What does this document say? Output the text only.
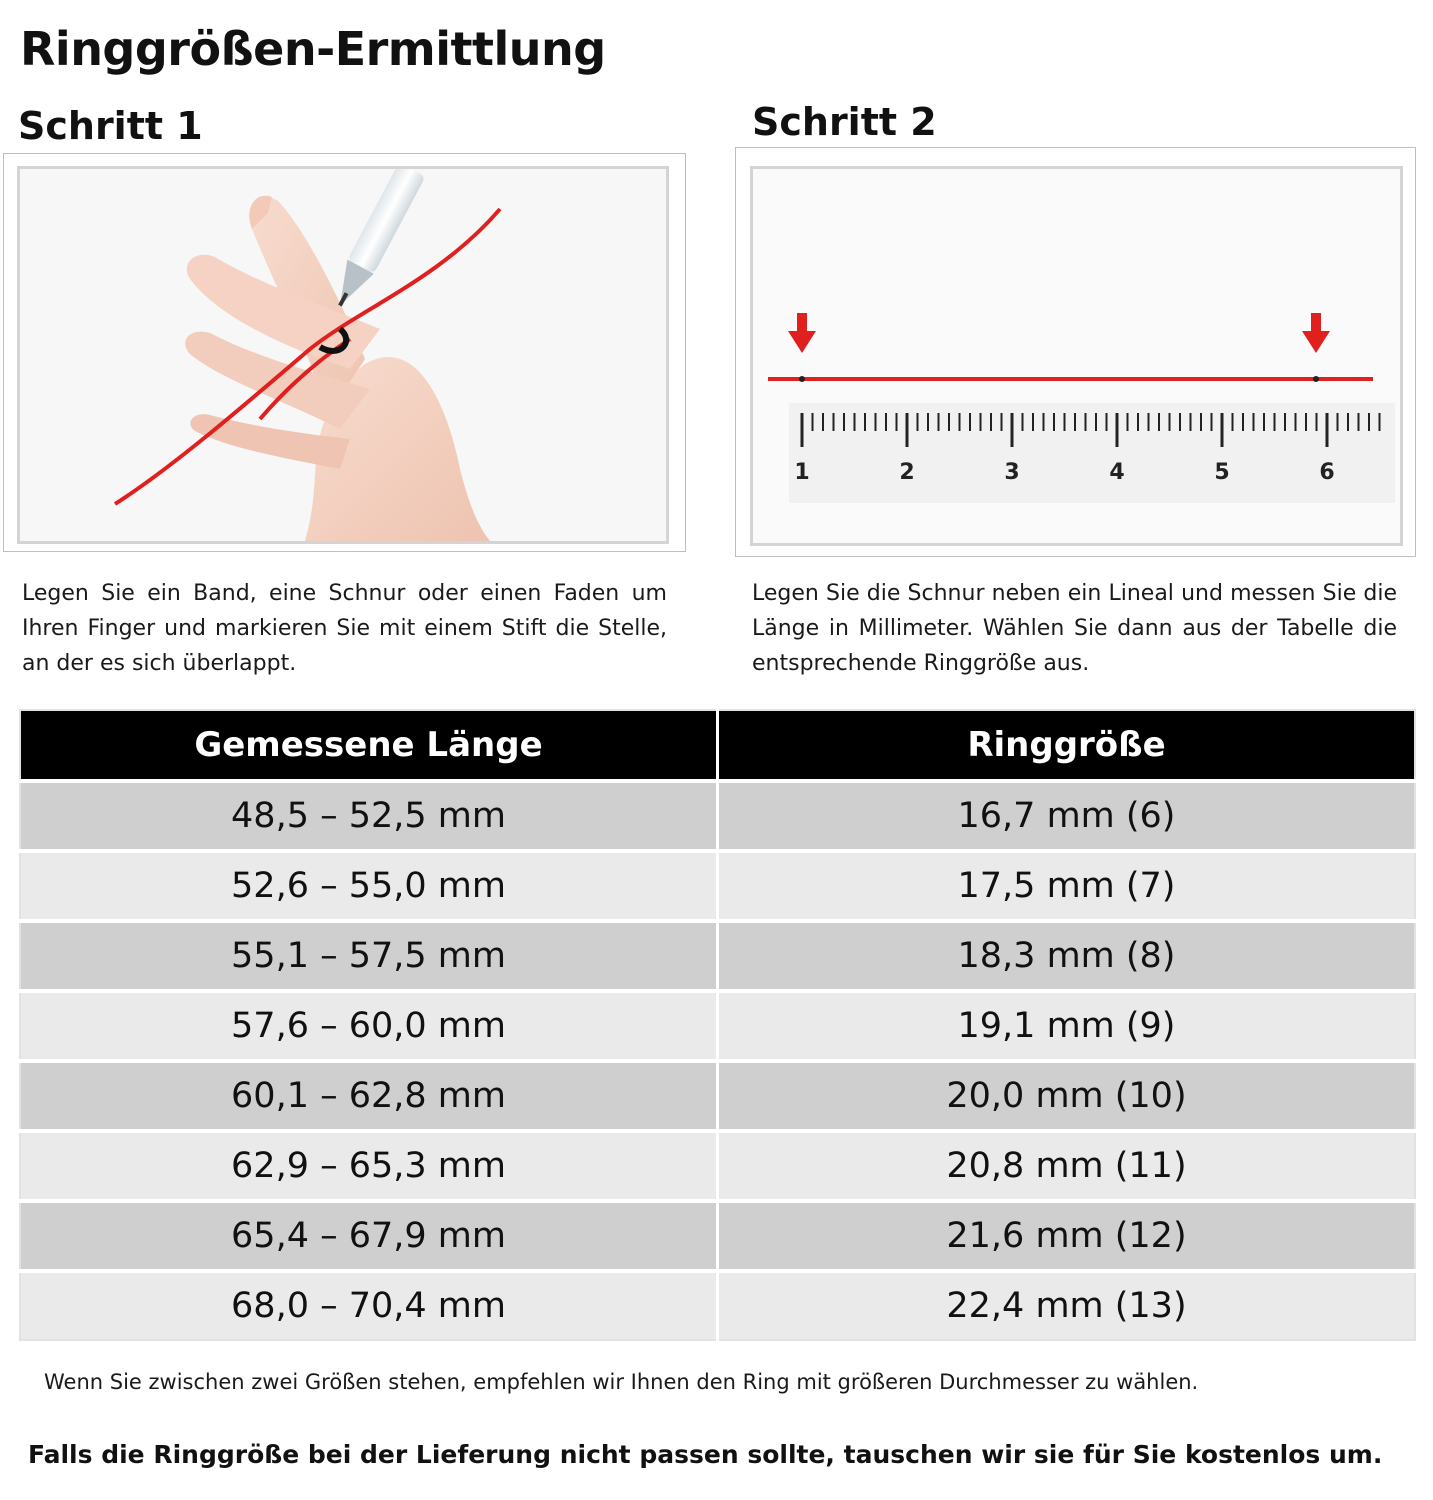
Ringgrößen-Ermittlung
Schritt 1	Schritt 2
1	2	3	4	5	6

Legen Sie ein Band, eine Schnur oder einen Faden um Ihren Finger und markieren Sie mit einem Stift die Stelle, an der es sich überlappt.

Legen Sie die Schnur neben ein Lineal und messen Sie die Länge in Millimeter. Wählen Sie dann aus der Tabelle die entsprechende Ringgröße aus.

Gemessene Länge	Ringgröße
48,5 – 52,5 mm	16,7 mm (6)
52,6 – 55,0 mm	17,5 mm (7)
55,1 – 57,5 mm	18,3 mm (8)
57,6 – 60,0 mm	19,1 mm (9)
60,1 – 62,8 mm	20,0 mm (10)
62,9 – 65,3 mm	20,8 mm (11)
65,4 – 67,9 mm	21,6 mm (12)
68,0 – 70,4 mm	22,4 mm (13)

Wenn Sie zwischen zwei Größen stehen, empfehlen wir Ihnen den Ring mit größeren Durchmesser zu wählen.

Falls die Ringgröße bei der Lieferung nicht passen sollte, tauschen wir sie für Sie kostenlos um.
